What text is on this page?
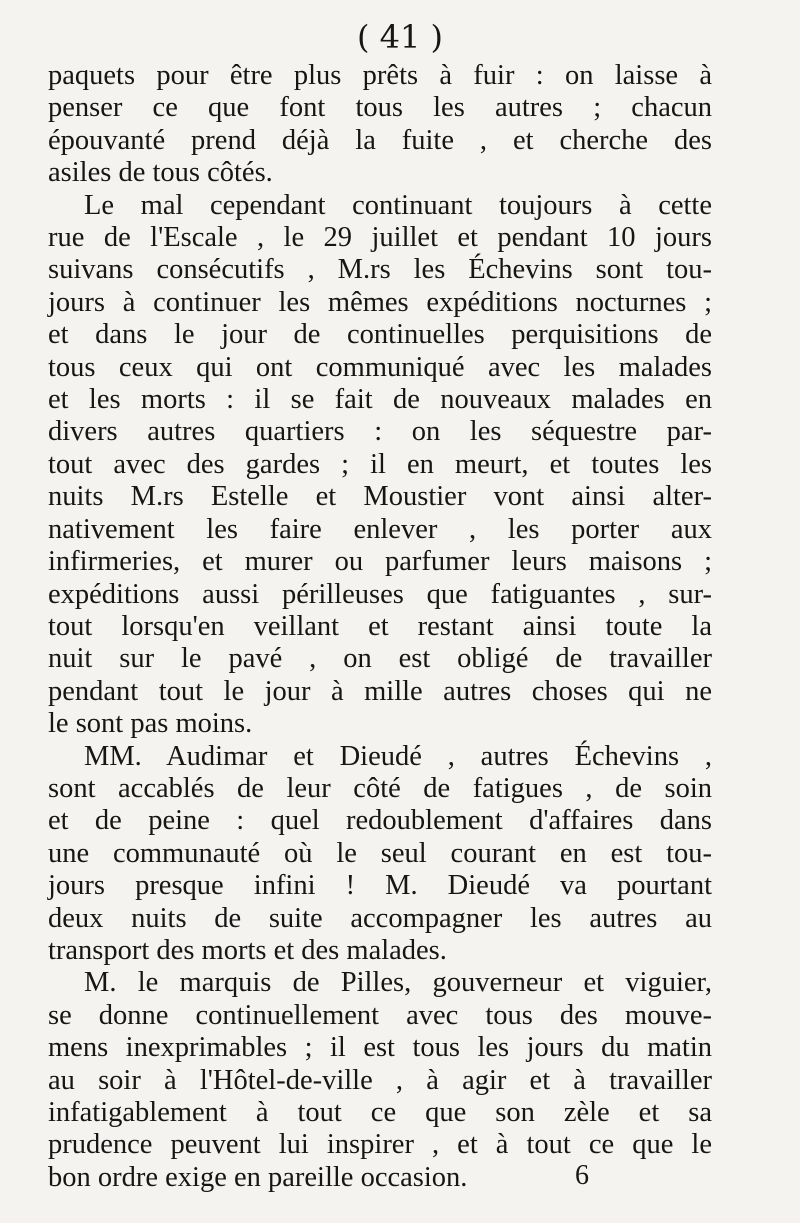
( 41 )
paquets pour être plus prêts à fuir : on laisse à
penser ce que font tous les autres ; chacun
épouvanté prend déjà la fuite , et cherche des
asiles de tous côtés.
Le mal cependant continuant toujours à cette
rue de l'Escale , le 29 juillet et pendant 10 jours
suivans consécutifs , M.rs les Échevins sont tou-
jours à continuer les mêmes expéditions nocturnes ;
et dans le jour de continuelles perquisitions de
tous ceux qui ont communiqué avec les malades
et les morts : il se fait de nouveaux malades en
divers autres quartiers : on les séquestre par-
tout avec des gardes ; il en meurt, et toutes les
nuits M.rs Estelle et Moustier vont ainsi alter-
nativement les faire enlever , les porter aux
infirmeries, et murer ou parfumer leurs maisons ;
expéditions aussi périlleuses que fatiguantes , sur-
tout lorsqu'en veillant et restant ainsi toute la
nuit sur le pavé , on est obligé de travailler
pendant tout le jour à mille autres choses qui ne
le sont pas moins.
MM. Audimar et Dieudé , autres Échevins ,
sont accablés de leur côté de fatigues , de soin
et de peine : quel redoublement d'affaires dans
une communauté où le seul courant en est tou-
jours presque infini ! M. Dieudé va pourtant
deux nuits de suite accompagner les autres au
transport des morts et des malades.
M. le marquis de Pilles, gouverneur et viguier,
se donne continuellement avec tous des mouve-
mens inexprimables ; il est tous les jours du matin
au soir à l'Hôtel-de-ville , à agir et à travailler
infatigablement à tout ce que son zèle et sa
prudence peuvent lui inspirer , et à tout ce que le
bon ordre exige en pareille occasion.	6
